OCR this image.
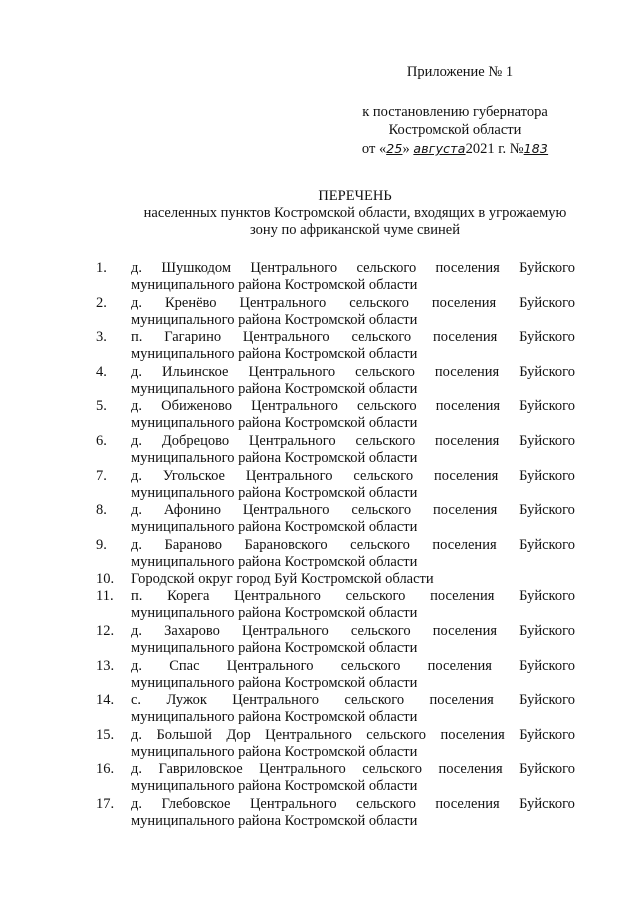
Приложение № 1
к постановлению губернатора
Костромской области
от «25» августа2021 г. №183
ПЕРЕЧЕНЬ
населенных пунктов Костромской области, входящих в угрожаемую
зону по африканской чуме свиней
1.	д. Шушкодом Центрального сельского поселения Буйского
муниципального района Костромской области
2.	д. Кренёво Центрального сельского поселения Буйского
муниципального района Костромской области
3.	п. Гагарино Центрального сельского поселения Буйского
муниципального района Костромской области
4.	д. Ильинское Центрального сельского поселения Буйского
муниципального района Костромской области
5.	д. Обиженово Центрального сельского поселения Буйского
муниципального района Костромской области
6.	д. Добрецово Центрального сельского поселения Буйского
муниципального района Костромской области
7.	д. Угольское Центрального сельского поселения Буйского
муниципального района Костромской области
8.	д. Афонино Центрального сельского поселения Буйского
муниципального района Костромской области
9.	д. Бараново Барановского сельского поселения Буйского
муниципального района Костромской области
10.	Городской округ город Буй Костромской области
11.	п. Корега Центрального сельского поселения Буйского
муниципального района Костромской области
12.	д. Захарово Центрального сельского поселения Буйского
муниципального района Костромской области
13.	д. Спас Центрального сельского поселения Буйского
муниципального района Костромской области
14.	с. Лужок Центрального сельского поселения Буйского
муниципального района Костромской области
15.	д. Большой Дор Центрального сельского поселения Буйского
муниципального района Костромской области
16.	д. Гавриловское Центрального сельского поселения Буйского
муниципального района Костромской области
17.	д. Глебовское Центрального сельского поселения Буйского
муниципального района Костромской области
